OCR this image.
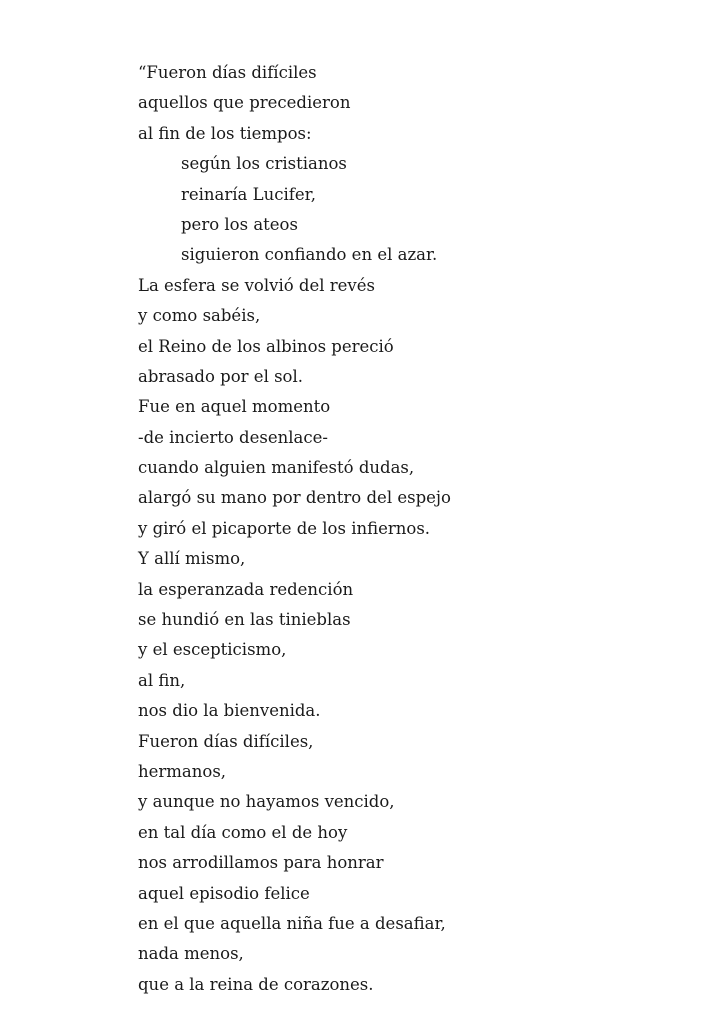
“Fueron días difíciles
aquellos que precedieron
al fin de los tiempos:
según los cristianos
reinaría Lucifer,
pero los ateos
siguieron confiando en el azar.
La esfera se volvió del revés
y como sabéis,
el Reino de los albinos pereció
abrasado por el sol.
Fue en aquel momento
-de incierto desenlace-
cuando alguien manifestó dudas,
alargó su mano por dentro del espejo
y giró el picaporte de los infiernos.
Y allí mismo,
la esperanzada redención
se hundió en las tinieblas
y el escepticismo,
al fin,
nos dio la bienvenida.
Fueron días difíciles,
hermanos,
y aunque no hayamos vencido,
en tal día como el de hoy
nos arrodillamos para honrar
aquel episodio felice
en el que aquella niña fue a desafiar,
nada menos,
que a la reina de corazones.
